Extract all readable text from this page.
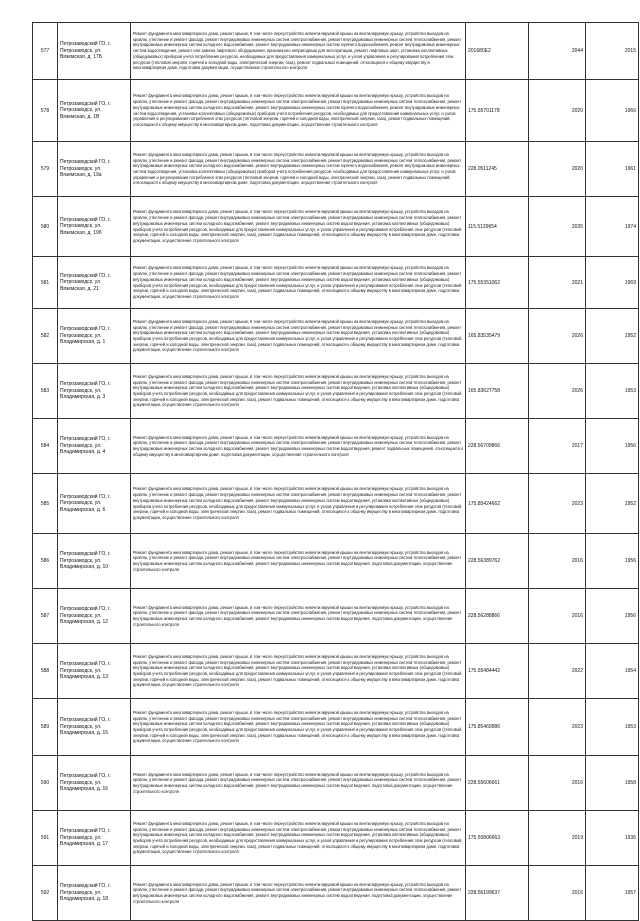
577	Петрозаводский ГО, г. Петрозаводск, ул. Вяземская, д. 17Б	Ремонт фундамента многоквартирного дома, ремонт крыши, в том числе переустройство невентилируемой крыши на вентилируемую крышу, устройство выходов на кровлю, утепление и ремонт фасада, ремонт внутридомовых инженерных систем электроснабжения, ремонт внутридомовых инженерных систем теплоснабжения, ремонт внутридомовых инженерных систем холодного водоснабжения, ремонт внутридомовых инженерных систем горячего водоснабжения, ремонт внутридомовых инженерных систем водоотведения, ремонт или замена лифтового оборудования, признанного непригодным для эксплуатации, ремонт лифтовых шахт, установка коллективных (общедомовых) приборов учета потребления ресурсов, необходимых для предоставления коммунальных услуг, и узлов управления и регулирования потребления этих ресурсов (тепловой энергии, горячей и холодной воды, электрической энергии, газа), ремонт подвальных помещений, относящихся к общему имуществу в многоквартирном доме, подготовка документации, осуществление строительного контроля	201680Е2	2044	2015
578	Петрозаводский ГО, г. Петрозаводск, ул. Вяземская, д. 1В	Ремонт фундамента многоквартирного дома, ремонт крыши, в том числе переустройство невентилируемой крыши на вентилируемую крышу, устройство выходов на кровлю, утепление и ремонт фасада, ремонт внутридомовых инженерных систем электроснабжения, ремонт внутридомовых инженерных систем теплоснабжения, ремонт внутридомовых инженерных систем холодного водоснабжения, ремонт внутридомовых инженерных систем горячего водоснабжения, ремонт внутридомовых инженерных систем водоотведения, установка коллективных (общедомовых) приборов учета потребления ресурсов, необходимых для предоставления коммунальных услуг, и узлов управления и регулирования потребления этих ресурсов (тепловой энергии, горячей и холодной воды, электрической энергии, газа), ремонт подвальных помещений, относящихся к общему имуществу в многоквартирном доме, подготовка документации, осуществление строительного контроля	175.55701178	2020	1966
579	Петрозаводский ГО, г. Петрозаводск, ул. Вяземская, д. 19а	Ремонт фундамента многоквартирного дома, ремонт крыши, в том числе переустройство невентилируемой крыши на вентилируемую крышу, устройство выходов на кровлю, утепление и ремонт фасада, ремонт внутридомовых инженерных систем электроснабжения, ремонт внутридомовых инженерных систем теплоснабжения, ремонт внутридомовых инженерных систем холодного водоснабжения, ремонт внутридомовых инженерных систем горячего водоснабжения, ремонт внутридомовых инженерных систем водоотведения, установка коллективных (общедомовых) приборов учета потребления ресурсов, необходимых для предоставления коммунальных услуг, и узлов управления и регулирования потребления этих ресурсов (тепловой энергии, горячей и холодной воды, электрической энергии, газа), ремонт подвальных помещений, относящихся к общему имуществу в многоквартирном доме, подготовка документации, осуществление строительного контроля	228.0511245	2020	1961
580	Петрозаводский ГО, г. Петрозаводск, ул. Вяземская, д. 19б	Ремонт фундамента многоквартирного дома, ремонт крыши, в том числе переустройство невентилируемой крыши на вентилируемую крышу, устройство выходов на кровлю, утепление и ремонт фасада, ремонт внутридомовых инженерных систем электроснабжения, ремонт внутридомовых инженерных систем теплоснабжения, ремонт внутридомовых инженерных систем холодного водоснабжения, ремонт внутридомовых инженерных систем водоотведения, установка коллективных (общедомовых) приборов учета потребления ресурсов, необходимых для предоставления коммунальных услуг, и узлов управления и регулирования потребления этих ресурсов (тепловой энергии, горячей и холодной воды, электрической энергии, газа), ремонт подвальных помещений, относящихся к общему имуществу в многоквартирном доме, подготовка документации, осуществление строительного контроля	115.5139654	2035	1974
581	Петрозаводский ГО, г. Петрозаводск, ул. Вяземская, д. 21	Ремонт фундамента многоквартирного дома, ремонт крыши, в том числе переустройство невентилируемой крыши на вентилируемую крышу, устройство выходов на кровлю, утепление и ремонт фасада, ремонт внутридомовых инженерных систем электроснабжения, ремонт внутридомовых инженерных систем теплоснабжения, ремонт внутридомовых инженерных систем холодного водоснабжения, ремонт внутридомовых инженерных систем водоотведения, установка коллективных (общедомовых) приборов учета потребления ресурсов, необходимых для предоставления коммунальных услуг, и узлов управления и регулирования потребления этих ресурсов (тепловой энергии, горячей и холодной воды, электрической энергии, газа), ремонт подвальных помещений, относящихся к общему имуществу в многоквартирном доме, подготовка документации, осуществление строительного контроля	175.55351062	2021	1969
582	Петрозаводский ГО, г. Петрозаводск, ул. Владимирская, д. 1	Ремонт фундамента многоквартирного дома, ремонт крыши, в том числе переустройство невентилируемой крыши на вентилируемую крышу, устройство выходов на кровлю, утепление и ремонт фасада, ремонт внутридомовых инженерных систем электроснабжения, ремонт внутридомовых инженерных систем теплоснабжения, ремонт внутридомовых инженерных систем холодного водоснабжения, ремонт внутридомовых инженерных систем водоотведения, установка коллективных (общедомовых) приборов учета потребления ресурсов, необходимых для предоставления коммунальных услуг, и узлов управления и регулирования потребления этих ресурсов (тепловой энергии, горячей и холодной воды, электрической энергии, газа), ремонт подвальных помещений, относящихся к общему имуществу в многоквартирном доме, подготовка документации, осуществление строительного контроля	165.83535479	2026	1952
583	Петрозаводский ГО, г. Петрозаводск, ул. Владимирская, д. 3	Ремонт фундамента многоквартирного дома, ремонт крыши, в том числе переустройство невентилируемой крыши на вентилируемую крышу, устройство выходов на кровлю, утепление и ремонт фасада, ремонт внутридомовых инженерных систем электроснабжения, ремонт внутридомовых инженерных систем теплоснабжения, ремонт внутридомовых инженерных систем холодного водоснабжения, ремонт внутридомовых инженерных систем водоотведения, установка коллективных (общедомовых) приборов учета потребления ресурсов, необходимых для предоставления коммунальных услуг, и узлов управления и регулирования потребления этих ресурсов (тепловой энергии, горячей и холодной воды, электрической энергии, газа), ремонт подвальных помещений, относящихся к общему имуществу в многоквартирном доме, подготовка документации, осуществление строительного контроля	165.83627758	2026	1953
584	Петрозаводский ГО, г. Петрозаводск, ул. Владимирская, д. 4	Ремонт фундамента многоквартирного дома, ремонт крыши, в том числе переустройство невентилируемой крыши на вентилируемую крышу, устройство выходов на кровлю, утепление и ремонт фасада, ремонт внутридомовых инженерных систем электроснабжения, ремонт внутридомовых инженерных систем теплоснабжения, ремонт внутридомовых инженерных систем холодного водоснабжения, ремонт внутридомовых инженерных систем водоотведения, ремонт подвальных помещений, относящихся к общему имуществу в многоквартирном доме, подготовка документации, осуществление строительного контроля	228.56709866	2017	1956
585	Петрозаводский ГО, г. Петрозаводск, ул. Владимирская, д. 6	Ремонт фундамента многоквартирного дома, ремонт крыши, в том числе переустройство невентилируемой крыши на вентилируемую крышу, устройство выходов на кровлю, утепление и ремонт фасада, ремонт внутридомовых инженерных систем электроснабжения, ремонт внутридомовых инженерных систем теплоснабжения, ремонт внутридомовых инженерных систем холодного водоснабжения, ремонт внутридомовых инженерных систем водоотведения, установка коллективных (общедомовых) приборов учета потребления ресурсов, необходимых для предоставления коммунальных услуг, и узлов управления и регулирования потребления этих ресурсов (тепловой энергии, горячей и холодной воды, электрической энергии, газа), ремонт подвальных помещений, относящихся к общему имуществу в многоквартирном доме, подготовка документации, осуществление строительного контроля	175.85424662	2023	1952
586	Петрозаводский ГО, г. Петрозаводск, ул. Владимирская, д. 10	Ремонт фундамента многоквартирного дома, ремонт крыши, в том числе переустройство невентилируемой крыши на вентилируемую крышу, устройство выходов на кровлю, утепление и ремонт фасада, ремонт внутридомовых инженерных систем электроснабжения, ремонт внутридомовых инженерных систем теплоснабжения, ремонт внутридомовых инженерных систем холодного водоснабжения, ремонт внутридомовых инженерных систем водоотведения, подготовка документации, осуществление строительного контроля	228.56389762	2016	1956
587	Петрозаводский ГО, г. Петрозаводск, ул. Владимирская, д. 12	Ремонт фундамента многоквартирного дома, ремонт крыши, в том числе переустройство невентилируемой крыши на вентилируемую крышу, устройство выходов на кровлю, утепление и ремонт фасада, ремонт внутридомовых инженерных систем электроснабжения, ремонт внутридомовых инженерных систем теплоснабжения, ремонт внутридомовых инженерных систем холодного водоснабжения, ремонт внутридомовых инженерных систем водоотведения, подготовка документации, осуществление строительного контроля	228.56288866	2016	1956
588	Петрозаводский ГО, г. Петрозаводск, ул. Владимирская, д. 13	Ремонт фундамента многоквартирного дома, ремонт крыши, в том числе переустройство невентилируемой крыши на вентилируемую крышу, устройство выходов на кровлю, утепление и ремонт фасада, ремонт внутридомовых инженерных систем электроснабжения, ремонт внутридомовых инженерных систем теплоснабжения, ремонт внутридомовых инженерных систем холодного водоснабжения, ремонт внутридомовых инженерных систем водоотведения, установка коллективных (общедомовых) приборов учета потребления ресурсов, необходимых для предоставления коммунальных услуг, и узлов управления и регулирования потребления этих ресурсов (тепловой энергии, горячей и холодной воды, электрической энергии, газа), ремонт подвальных помещений, относящихся к общему имуществу в многоквартирном доме, подготовка документации, осуществление строительного контроля	175.55484442	2022	1954
589	Петрозаводский ГО, г. Петрозаводск, ул. Владимирская, д. 15	Ремонт фундамента многоквартирного дома, ремонт крыши, в том числе переустройство невентилируемой крыши на вентилируемую крышу, устройство выходов на кровлю, утепление и ремонт фасада, ремонт внутридомовых инженерных систем электроснабжения, ремонт внутридомовых инженерных систем теплоснабжения, ремонт внутридомовых инженерных систем холодного водоснабжения, ремонт внутридомовых инженерных систем водоотведения, установка коллективных (общедомовых) приборов учета потребления ресурсов, необходимых для предоставления коммунальных услуг, и узлов управления и регулирования потребления этих ресурсов (тепловой энергии, горячей и холодной воды, электрической энергии, газа), ремонт подвальных помещений, относящихся к общему имуществу в многоквартирном доме, подготовка документации, осуществление строительного контроля	175.85469986	2023	1953
590	Петрозаводский ГО, г. Петрозаводск, ул. Владимирская, д. 16	Ремонт фундамента многоквартирного дома, ремонт крыши, в том числе переустройство невентилируемой крыши на вентилируемую крышу, устройство выходов на кровлю, утепление и ремонт фасада, ремонт внутридомовых инженерных систем электроснабжения, ремонт внутридомовых инженерных систем теплоснабжения, ремонт внутридомовых инженерных систем холодного водоснабжения, ремонт внутридомовых инженерных систем водоотведения, подготовка документации, осуществление строительного контроля	228.55606661	2016	1958
591	Петрозаводский ГО, г. Петрозаводск, ул. Владимирская, д. 17	Ремонт фундамента многоквартирного дома, ремонт крыши, в том числе переустройство невентилируемой крыши на вентилируемую крышу, устройство выходов на кровлю, утепление и ремонт фасада, ремонт внутридомовых инженерных систем электроснабжения, ремонт внутридомовых инженерных систем теплоснабжения, ремонт внутридомовых инженерных систем холодного водоснабжения, ремонт внутридомовых инженерных систем водоотведения, установка коллективных (общедомовых) приборов учета потребления ресурсов, необходимых для предоставления коммунальных услуг, и узлов управления и регулирования потребления этих ресурсов (тепловой энергии, горячей и холодной воды, электрической энергии, газа), ремонт подвальных помещений, относящихся к общему имуществу в многоквартирном доме, подготовка документации, осуществление строительного контроля	175.55806663	2019	1936
592	Петрозаводский ГО, г. Петрозаводск, ул. Владимирская, д. 18	Ремонт фундамента многоквартирного дома, ремонт крыши, в том числе переустройство невентилируемой крыши на вентилируемую крышу, устройство выходов на кровлю, утепление и ремонт фасада, ремонт внутридомовых инженерных систем электроснабжения, ремонт внутридомовых инженерных систем теплоснабжения, ремонт внутридомовых инженерных систем холодного водоснабжения, ремонт внутридомовых инженерных систем водоотведения, подготовка документации, осуществление строительного контроля	228.56199637	2016	1957
